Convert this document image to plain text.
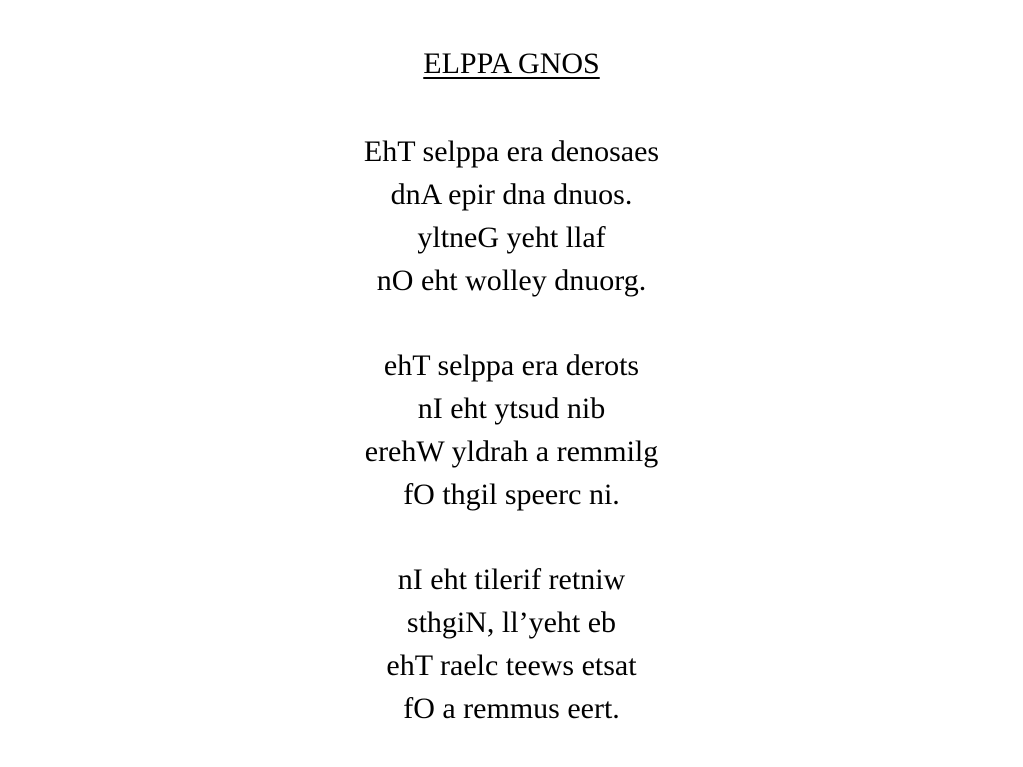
ELPPA GNOS
EhT selppa era denosaes
dnA epir dna dnuos.
yltneG yeht llaf
nO eht wolley dnuorg.
ehT selppa era derots
nI eht ytsud nib
erehW yldrah a remmilg
fO thgil speerc ni.
nI eht tilerif retniw
sthgiN, ll’yeht eb
ehT raelc teews etsat
fO a remmus eert.
